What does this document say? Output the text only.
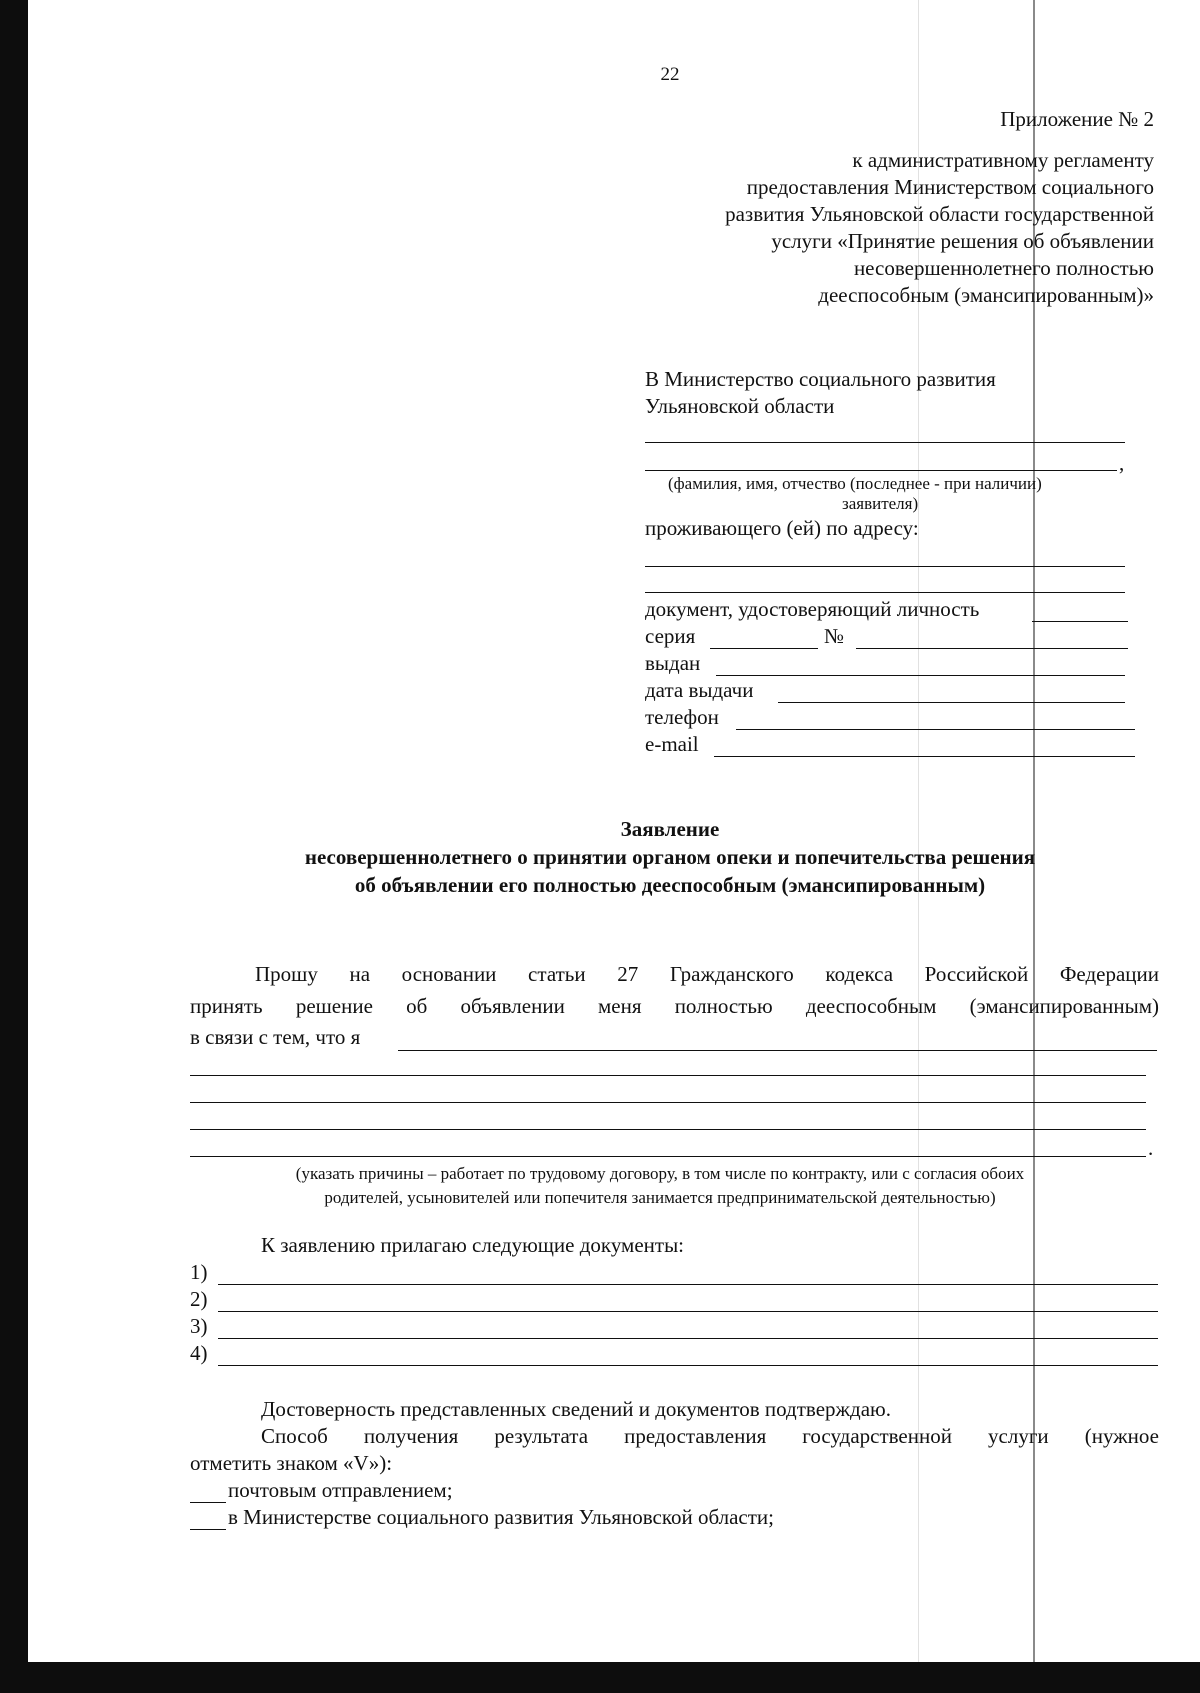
22
Приложение № 2
к административному регламенту
предоставления Министерством социального
развития Ульяновской области государственной
услуги «Принятие решения об объявлении
несовершеннолетнего полностью
дееспособным (эмансипированным)»
В Министерство социального развития
Ульяновской области
,
(фамилия, имя, отчество (последнее - при наличии)
заявителя)
проживающего (ей) по адресу:
документ, удостоверяющий личность
серия	№
выдан
дата выдачи
телефон
e-mail
Заявление
несовершеннолетнего о принятии органом опеки и попечительства решения
об объявлении его полностью дееспособным (эмансипированным)
Прошу на основании статьи 27 Гражданского кодекса Российской Федерации
принять решение об объявлении меня полностью дееспособным (эмансипированным)
в связи с тем, что я
.
(указать причины – работает по трудовому договору, в том числе по контракту, или с согласия обоих
родителей, усыновителей или попечителя занимается предпринимательской деятельностью)
К заявлению прилагаю следующие документы:
1)
2)
3)
4)
Достоверность представленных сведений и документов подтверждаю.
Способ получения результата предоставления государственной услуги (нужное
отметить знаком «V»):
почтовым отправлением;
в Министерстве социального развития Ульяновской области;
